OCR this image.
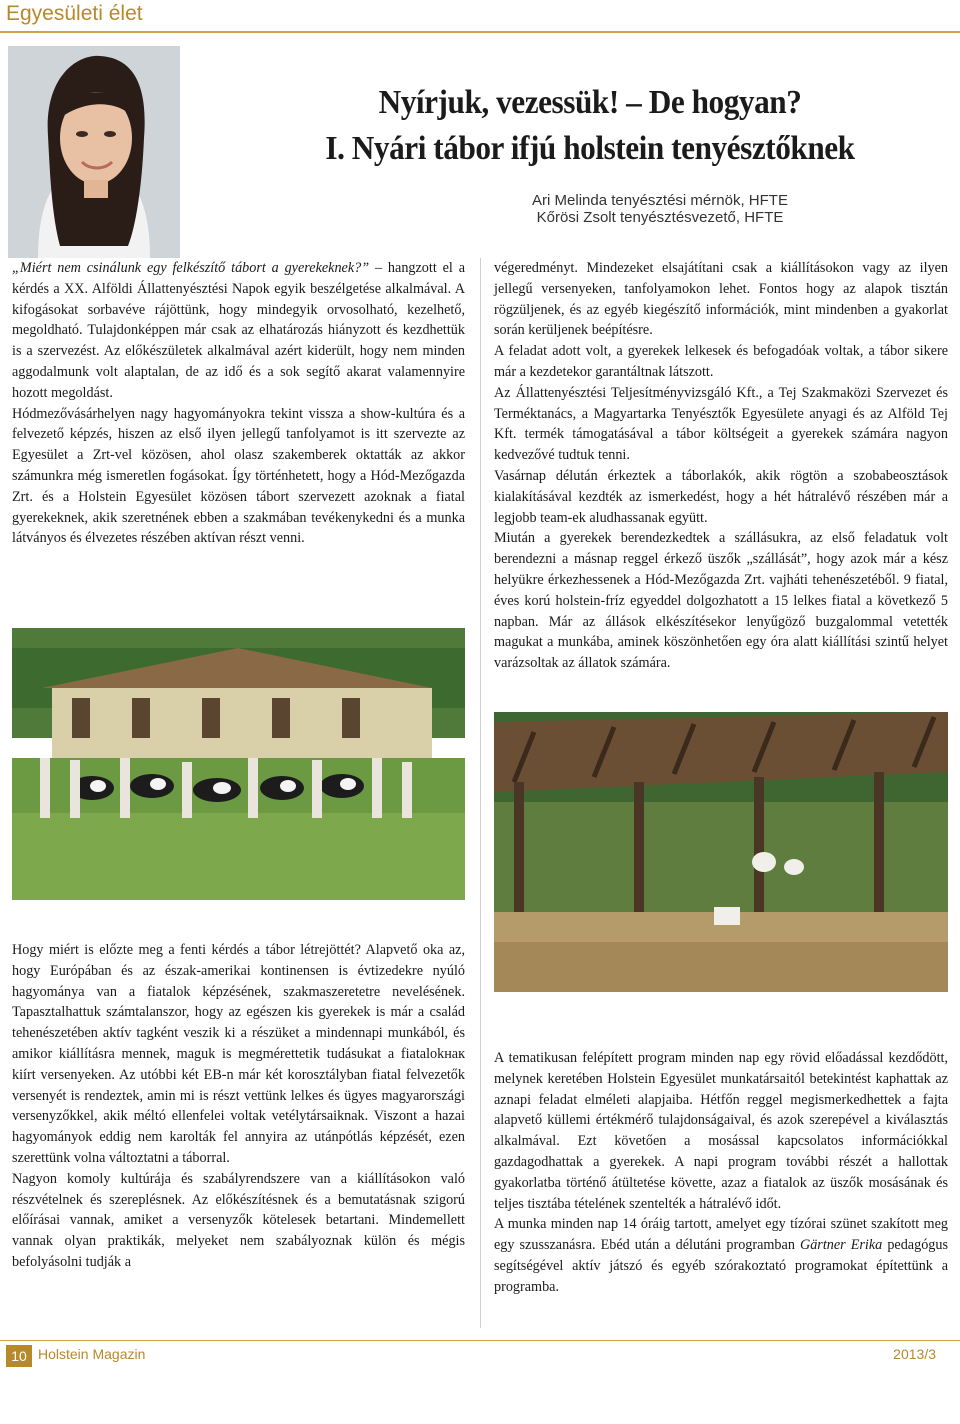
Egyesületi élet
Nyírjuk, vezessük! – De hogyan?
I. Nyári tábor ifjú holstein tenyésztőknek
Ari Melinda tenyésztési mérnök, HFTE
Kőrösi Zsolt tenyésztésvezető, HFTE

„Miért nem csinálunk egy felkészítő tábort a gyerekeknek?” – hangzott el a kérdés a XX. Alföldi Állattenyésztési Napok egyik beszélgetése alkalmával. A kifogásokat sorbavéve rájöttünk, hogy mindegyik orvosolható, kezelhető, megoldható. Tulajdonképpen már csak az elhatározás hiányzott és kezdhettük is a szervezést. Az előkészületek alkalmával azért kiderült, hogy nem minden aggodalmunk volt alaptalan, de az idő és a sok segítő akarat valamennyire hozott megoldást.

Hódmezővásárhelyen nagy hagyományokra tekint vissza a show-kultúra és a felvezető képzés, hiszen az első ilyen jellegű tanfolyamot is itt szervezte az Egyesület a Zrt-vel közösen, ahol olasz szakemberek oktatták az akkor számunkra még ismeretlen fogásokat. Így történhetett, hogy a Hód-Mezőgazda Zrt. és a Holstein Egyesület közösen tábort szervezett azoknak a fiatal gyerekeknek, akik szeretnének ebben a szakmában tevékenykedni és a munka látványos és élvezetes részében aktívan részt venni.

végeredményt. Mindezeket elsajátítani csak a kiállításokon vagy az ilyen jellegű versenyeken, tanfolyamokon lehet. Fontos hogy az alapok tisztán rögzüljenek, és az egyéb kiegészítő információk, mint mindenben a gyakorlat során kerüljenek beépítésre.

A feladat adott volt, a gyerekek lelkesek és befogadóak voltak, a tábor sikere már a kezdetekor garantáltnak látszott.

Az Állattenyésztési Teljesítményvizsgáló Kft., a Tej Szakmaközi Szervezet és Terméktanács, a Magyartarka Tenyésztők Egyesülete anyagi és az Alföld Tej Kft. termék támogatásával a tábor költségeit a gyerekek számára nagyon kedvezővé tudtuk tenni.

Vasárnap délután érkeztek a táborlakók, akik rögtön a szobabeosztások kialakításával kezdték az ismerkedést, hogy a hét hátralévő részében már a legjobb team-ek aludhassanak együtt.

Miután a gyerekek berendezkedtek a szállásukra, az első feladatuk volt berendezni a másnap reggel érkező üszők „szállását”, hogy azok már a kész helyükre érkezhessenek a Hód-Mezőgazda Zrt. vajháti tehenészetéből. 9 fiatal, éves korú holstein-fríz egyeddel dolgozhatott a 15 lelkes fiatal a következő 5 napban. Már az állások elkészítésekor lenyűgöző buzgalommal vetették magukat a munkába, aminek köszönhetően egy óra alatt kiállítási szintű helyet varázsoltak az állatok számára.

Hogy miért is előzte meg a fenti kérdés a tábor létrejöttét? Alapvető oka az, hogy Európában és az észak-amerikai kontinensen is évtizedekre nyúló hagyománya van a fiatalok képzésének, szakmaszeretetre nevelésének. Tapasztalhattuk számtalanszor, hogy az egészen kis gyerekek is már a család tehenészetében aktív tagként veszik ki a részüket a mindennapi munkából, és amikor kiállításra mennek, maguk is megmérettetik tudásukat a fiatalokнак kiírt versenyeken. Az utóbbi két EB-n már két korosztályban fiatal felvezetők versenyét is rendeztek, amin mi is részt vettünk lelkes és ügyes magyarországi versenyzőkkel, akik méltó ellenfelei voltak vetélytársaiknak. Viszont a hazai hagyományok eddig nem karolták fel annyira az utánpótlás képzését, ezen szerettünk volna változtatni a táborral.

Nagyon komoly kultúrája és szabályrendszere van a kiállításokon való részvételnek és szereplésnek. Az előkészítésnek és a bemutatásnak szigorú előírásai vannak, amiket a versenyzők kötelesek betartani. Mindemellett vannak olyan praktikák, melyeket nem szabályoznak külön és mégis befolyásolni tudják a

A tematikusan felépített program minden nap egy rövid előadással kezdődött, melynek keretében Holstein Egyesület munkatársaitól betekintést kaphattak az aznapi feladat elméleti alapjaiba. Hétfőn reggel megismerkedhettek a fajta alapvető küllemi értékmérő tulajdonságaival, és azok szerepével a kiválasztás alkalmával. Ezt követően a mosással kapcsolatos információkkal gazdagodhattak a gyerekek. A napi program további részét a hallottak gyakorlatba történő átültetése követte, azaz a fiatalok az üszők mosásának és teljes tisztába tételének szentelték a hátralévő időt.

A munka minden nap 14 óráig tartott, amelyet egy tízórai szünet szakított meg egy szusszanásra. Ebéd után a délutáni programban Gärtner Erika pedagógus segítségével aktív játszó és egyéb szórakoztató programokat építettünk a programba.

10 Holstein Magazin	2013/3
